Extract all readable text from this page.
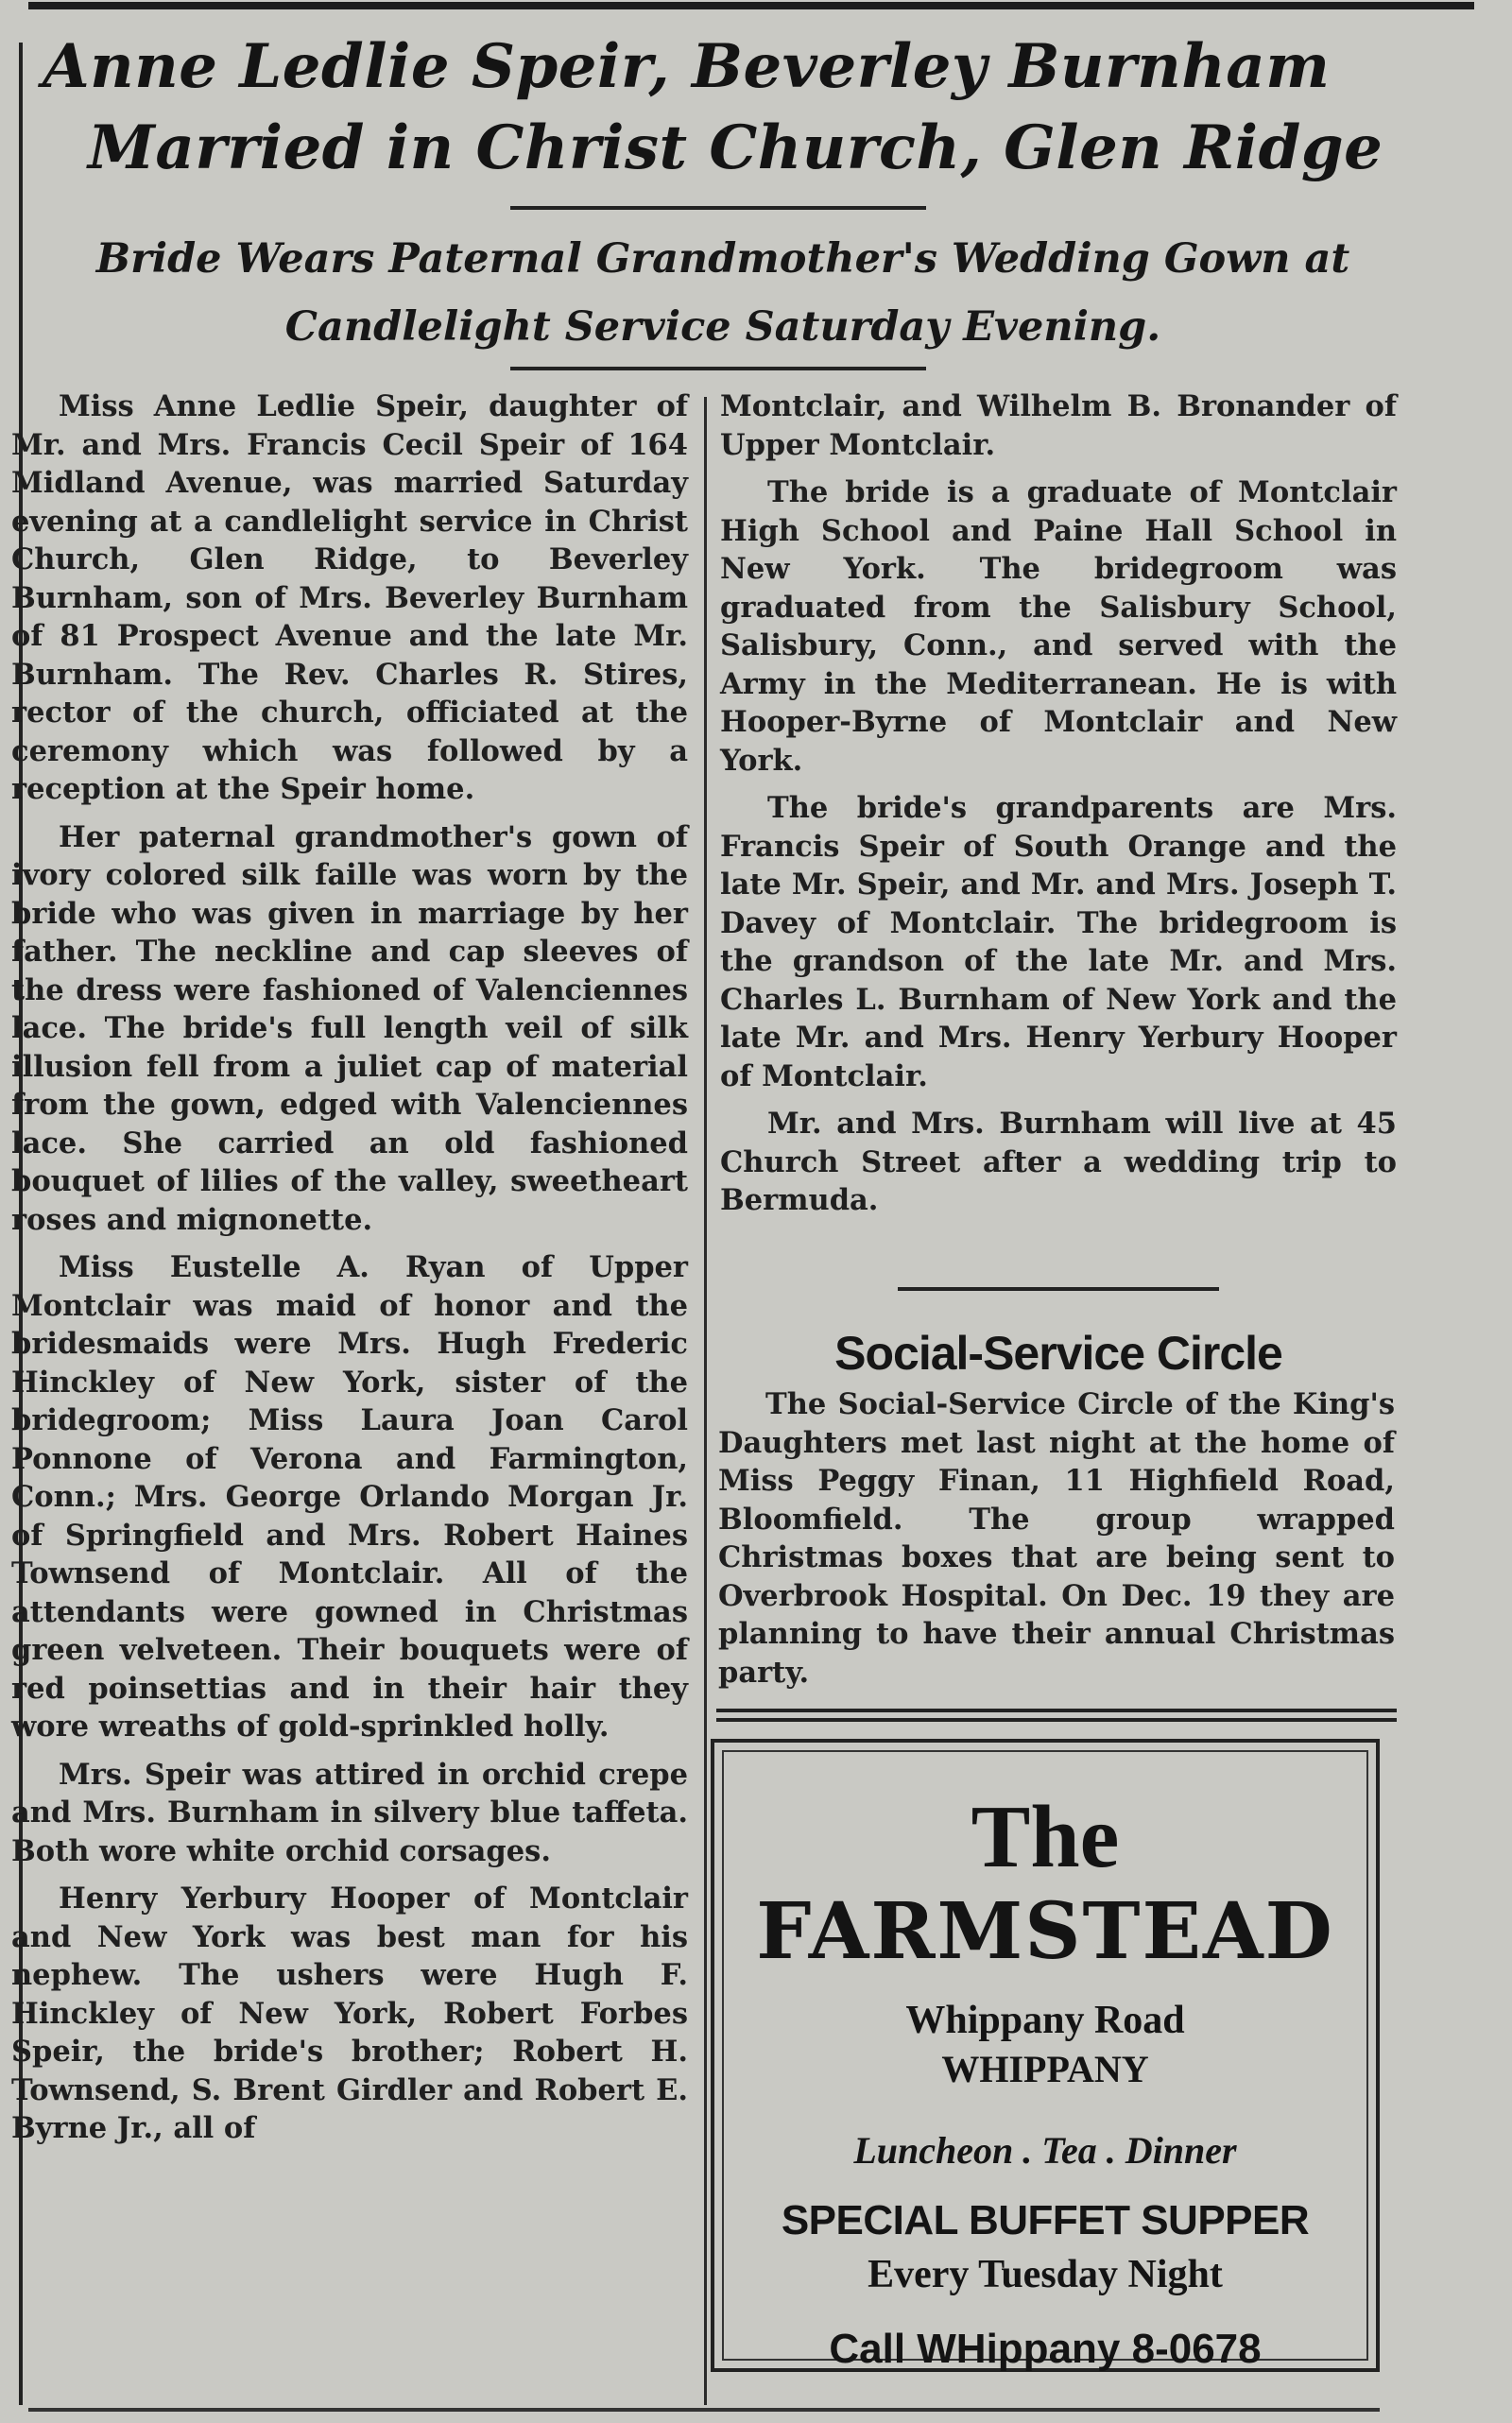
Anne Ledlie Speir, Beverley Burnham
Married in Christ Church, Glen Ridge
Bride Wears Paternal Grandmother's Wedding Gown at
Candlelight Service Saturday Evening.

Miss Anne Ledlie Speir, daughter of Mr. and Mrs. Francis Cecil Speir of 164 Midland Avenue, was married Saturday evening at a candlelight service in Christ Church, Glen Ridge, to Beverley Burnham, son of Mrs. Beverley Burnham of 81 Prospect Avenue and the late Mr. Burnham. The Rev. Charles R. Stires, rector of the church, officiated at the ceremony which was followed by a reception at the Speir home.

Her paternal grandmother's gown of ivory colored silk faille was worn by the bride who was given in marriage by her father. The neckline and cap sleeves of the dress were fashioned of Valenciennes lace. The bride's full length veil of silk illusion fell from a juliet cap of material from the gown, edged with Valenciennes lace. She carried an old fashioned bouquet of lilies of the valley, sweetheart roses and mignonette.

Miss Eustelle A. Ryan of Upper Montclair was maid of honor and the bridesmaids were Mrs. Hugh Frederic Hinckley of New York, sister of the bridegroom; Miss Laura Joan Carol Ponnone of Verona and Farmington, Conn.; Mrs. George Orlando Morgan Jr. of Springfield and Mrs. Robert Haines Townsend of Montclair. All of the attendants were gowned in Christmas green velveteen. Their bouquets were of red poinsettias and in their hair they wore wreaths of gold-sprinkled holly.

Mrs. Speir was attired in orchid crepe and Mrs. Burnham in silvery blue taffeta. Both wore white orchid corsages.

Henry Yerbury Hooper of Montclair and New York was best man for his nephew. The ushers were Hugh F. Hinckley of New York, Robert Forbes Speir, the bride's brother; Robert H. Townsend, S. Brent Girdler and Robert E. Byrne Jr., all of

Montclair, and Wilhelm B. Bronander of Upper Montclair.

The bride is a graduate of Montclair High School and Paine Hall School in New York. The bridegroom was graduated from the Salisbury School, Salisbury, Conn., and served with the Army in the Mediterranean. He is with Hooper-Byrne of Montclair and New York.

The bride's grandparents are Mrs. Francis Speir of South Orange and the late Mr. Speir, and Mr. and Mrs. Joseph T. Davey of Montclair. The bridegroom is the grandson of the late Mr. and Mrs. Charles L. Burnham of New York and the late Mr. and Mrs. Henry Yerbury Hooper of Montclair.

Mr. and Mrs. Burnham will live at 45 Church Street after a wedding trip to Bermuda.

Social-Service Circle

The Social-Service Circle of the King's Daughters met last night at the home of Miss Peggy Finan, 11 Highfield Road, Bloomfield. The group wrapped Christmas boxes that are being sent to Overbrook Hospital. On Dec. 19 they are planning to have their annual Christmas party.

The
FARMSTEAD
Whippany Road
WHIPPANY
Luncheon . Tea . Dinner
SPECIAL BUFFET SUPPER
Every Tuesday Night
Call WHippany 8-0678
